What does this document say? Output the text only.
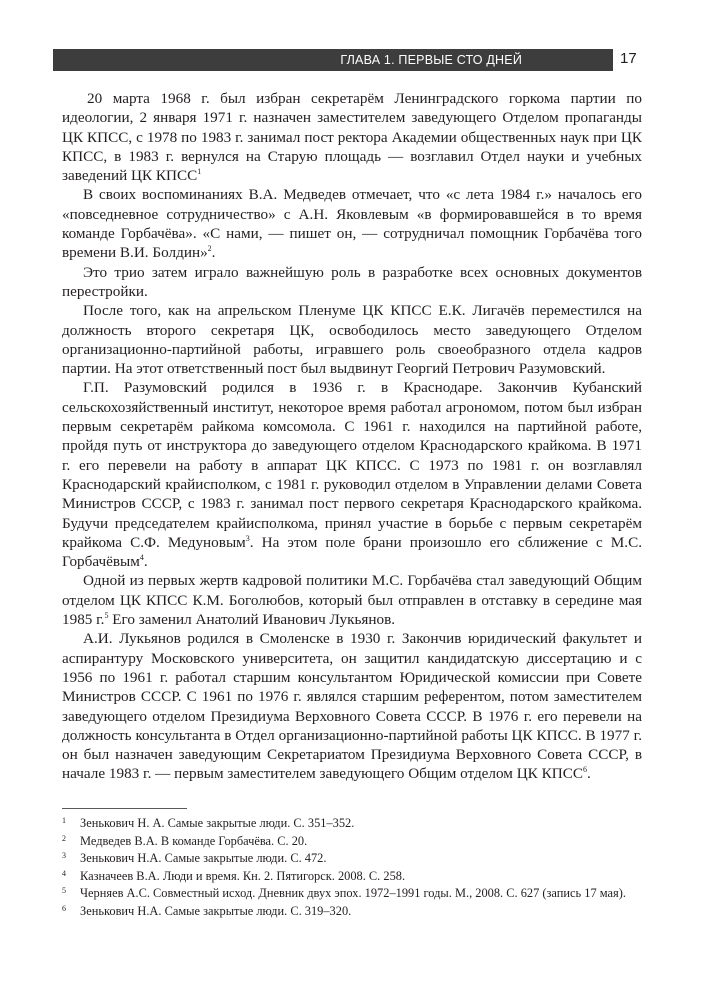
ГЛАВА 1. ПЕРВЫЕ СТО ДНЕЙ	17

20 марта 1968 г. был избран секретарём Ленинградского горкома партии по идеологии, 2 января 1971 г. назначен заместителем заведующего Отделом пропаганды ЦК КПСС, с 1978 по 1983 г. занимал пост ректора Академии общественных наук при ЦК КПСС, в 1983 г. вернулся на Старую площадь — возглавил Отдел науки и учебных заведений ЦК КПСС$^1$

В своих воспоминаниях В.А. Медведев отмечает, что «с лета 1984 г.» началось его «повседневное сотрудничество» с А.Н. Яковлевым «в формировавшейся в то время команде Горбачёва». «С нами, — пишет он, — сотрудничал помощник Горбачёва того времени В.И. Болдин»$^2$.

Это трио затем играло важнейшую роль в разработке всех основных документов перестройки.

После того, как на апрельском Пленуме ЦК КПСС Е.К. Лигачёв переместился на должность второго секретаря ЦК, освободилось место заведующего Отделом организационно-партийной работы, игравшего роль своеобразного отдела кадров партии. На этот ответственный пост был выдвинут Георгий Петрович Разумовский.

Г.П. Разумовский родился в 1936 г. в Краснодаре. Закончив Кубанский сельскохозяйственный институт, некоторое время работал агрономом, потом был избран первым секретарём райкома комсомола. С 1961 г. находился на партийной работе, пройдя путь от инструктора до заведующего отделом Краснодарского крайкома. В 1971 г. его перевели на работу в аппарат ЦК КПСС. С 1973 по 1981 г. он возглавлял Краснодарский крайисполком, с 1981 г. руководил отделом в Управлении делами Совета Министров СССР, с 1983 г. занимал пост первого секретаря Краснодарского крайкома. Будучи председателем крайисполкома, принял участие в борьбе с первым секретарём крайкома С.Ф. Медуновым$^3$. На этом поле брани произошло его сближение с М.С. Горбачёвым$^4$.

Одной из первых жертв кадровой политики М.С. Горбачёва стал заведующий Общим отделом ЦК КПСС К.М. Боголюбов, который был отправлен в отставку в середине мая 1985 г.$^5$ Его заменил Анатолий Иванович Лукьянов.

А.И. Лукьянов родился в Смоленске в 1930 г. Закончив юридический факультет и аспирантуру Московского университета, он защитил кандидатскую диссертацию и с 1956 по 1961 г. работал старшим консультантом Юридической комиссии при Совете Министров СССР. С 1961 по 1976 г. являлся старшим референтом, потом заместителем заведующего отделом Президиума Верховного Совета СССР. В 1976 г. его перевели на должность консультанта в Отдел организационно-партийной работы ЦК КПСС. В 1977 г. он был назначен заведующим Секретариатом Президиума Верховного Совета СССР, в начале 1983 г. — первым заместителем заведующего Общим отделом ЦК КПСС$^6$.

1 Зенькович Н. А. Самые закрытые люди. С. 351–352.
2 Медведев В.А. В команде Горбачёва. С. 20.
3 Зенькович Н.А. Самые закрытые люди. С. 472.
4 Казначеев В.А. Люди и время. Кн. 2. Пятигорск. 2008. С. 258.
5 Черняев А.С. Совместный исход. Дневник двух эпох. 1972–1991 годы. М., 2008. С. 627 (запись 17 мая).
6 Зенькович Н.А. Самые закрытые люди. С. 319–320.
